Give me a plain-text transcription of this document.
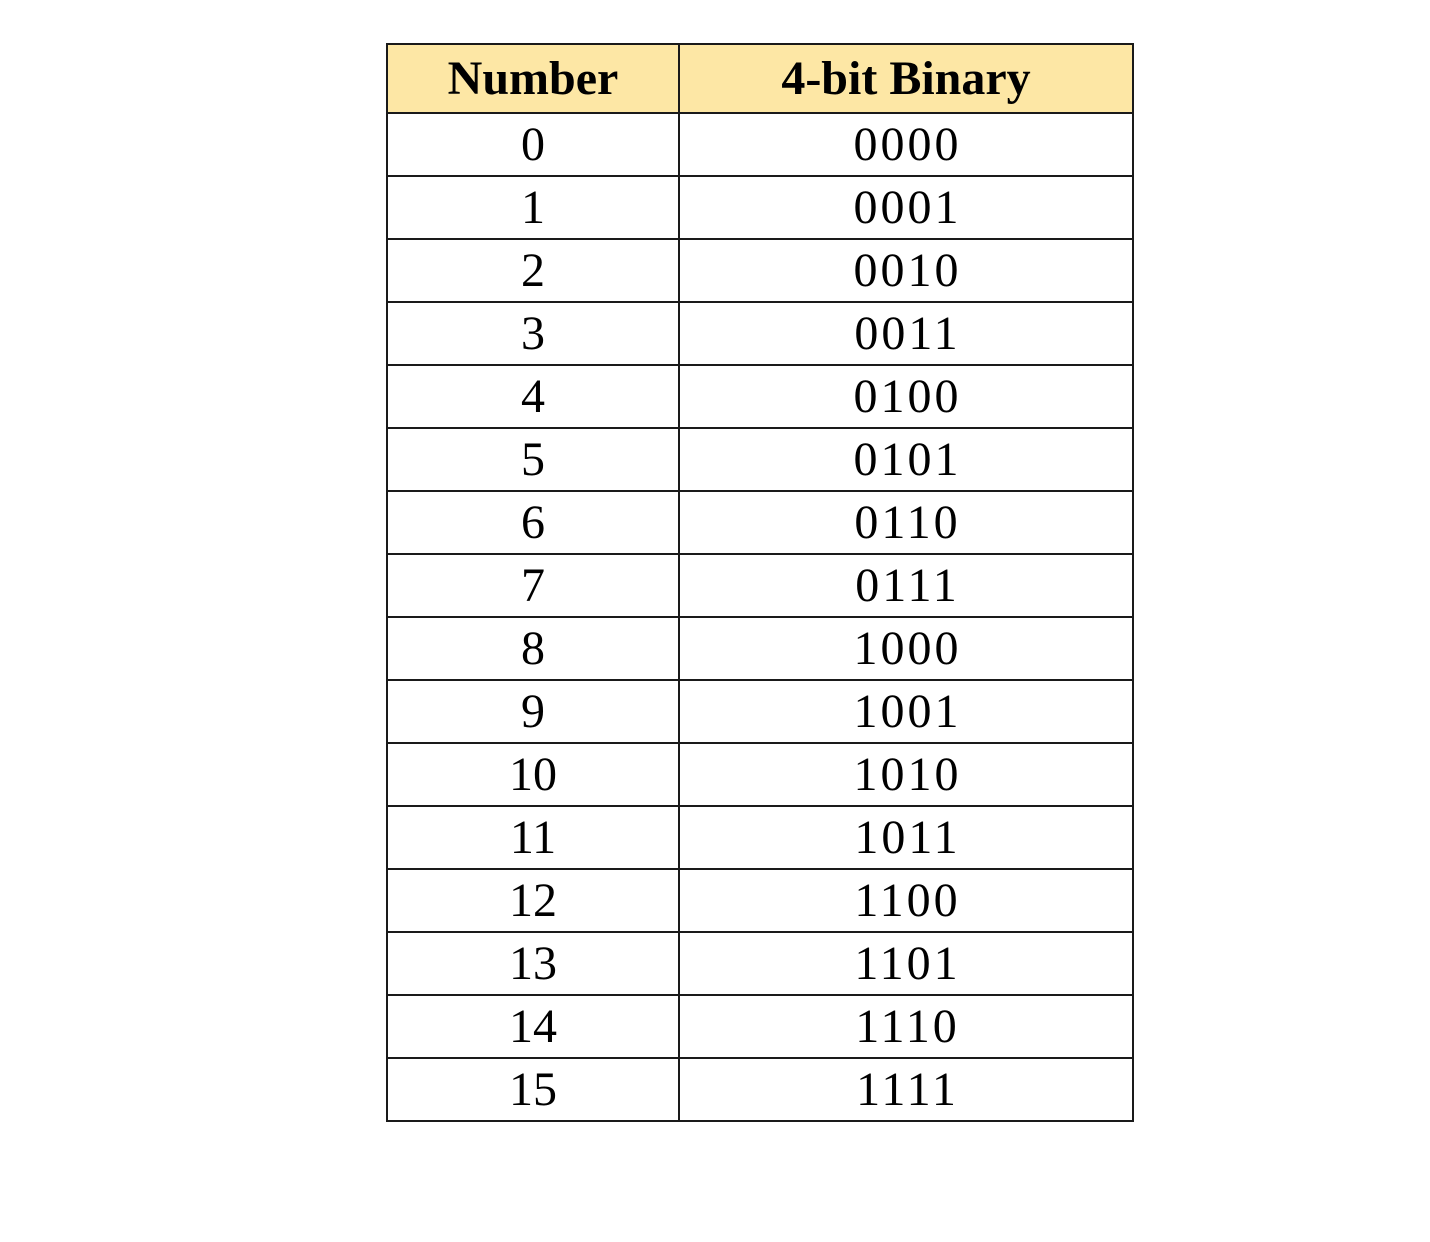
Number	4-bit Binary
0	0000
1	0001
2	0010
3	0011
4	0100
5	0101
6	0110
7	0111
8	1000
9	1001
10	1010
11	1011
12	1100
13	1101
14	1110
15	1111
